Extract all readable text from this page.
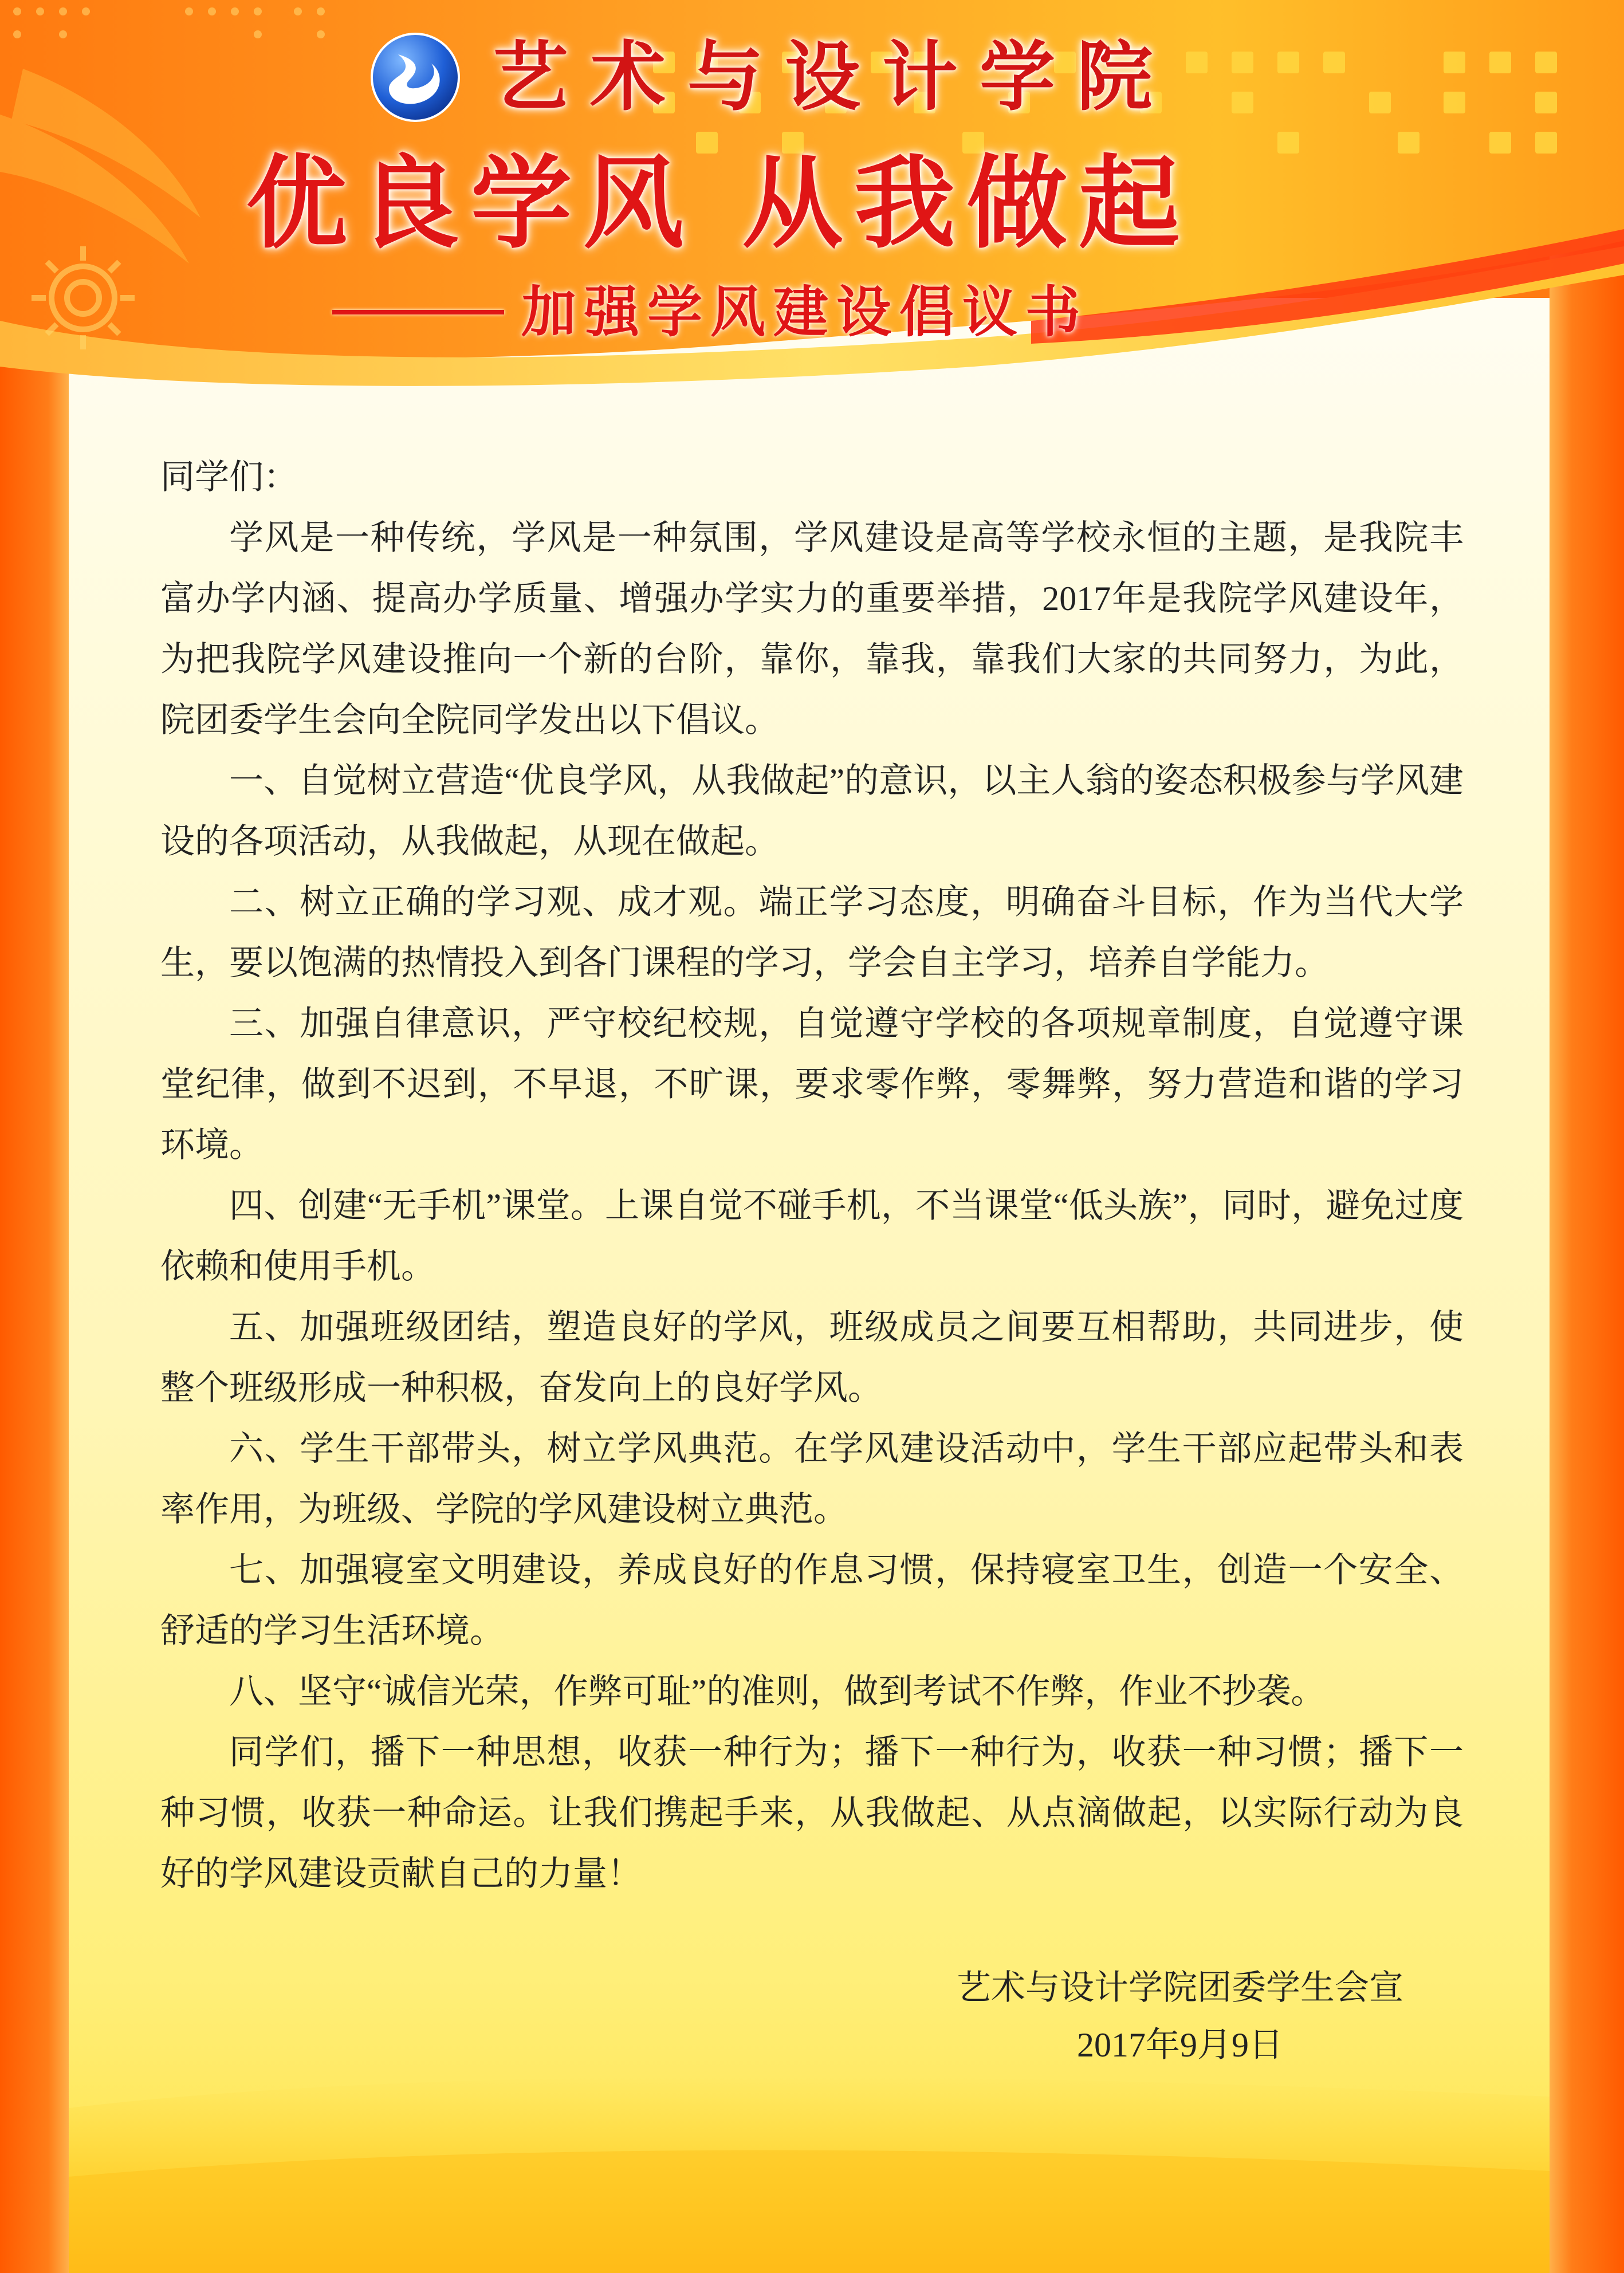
艺术与设计学院
优良学风 从我做起
加强学风建设倡议书

同学们：

学风是一种传统，学风是一种氛围，学风建设是高等学校永恒的主题，是我院丰富办学内涵、提高办学质量、增强办学实力的重要举措，2017年是我院学风建设年，为把我院学风建设推向一个新的台阶，靠你，靠我，靠我们大家的共同努力，为此，院团委学生会向全院同学发出以下倡议。

一、自觉树立营造“优良学风，从我做起”的意识，以主人翁的姿态积极参与学风建设的各项活动，从我做起，从现在做起。

二、树立正确的学习观、成才观。端正学习态度，明确奋斗目标，作为当代大学生，要以饱满的热情投入到各门课程的学习，学会自主学习，培养自学能力。

三、加强自律意识，严守校纪校规，自觉遵守学校的各项规章制度，自觉遵守课堂纪律，做到不迟到，不早退，不旷课，要求零作弊，零舞弊，努力营造和谐的学习环境。

四、创建“无手机”课堂。上课自觉不碰手机，不当课堂“低头族”，同时，避免过度依赖和使用手机。

五、加强班级团结，塑造良好的学风，班级成员之间要互相帮助，共同进步，使整个班级形成一种积极，奋发向上的良好学风。

六、学生干部带头，树立学风典范。在学风建设活动中，学生干部应起带头和表率作用，为班级、学院的学风建设树立典范。

七、加强寝室文明建设，养成良好的作息习惯，保持寝室卫生，创造一个安全、舒适的学习生活环境。

八、坚守“诚信光荣，作弊可耻”的准则，做到考试不作弊，作业不抄袭。

同学们，播下一种思想，收获一种行为；播下一种行为，收获一种习惯；播下一种习惯，收获一种命运。让我们携起手来，从我做起、从点滴做起，以实际行动为良好的学风建设贡献自己的力量！

艺术与设计学院团委学生会宣

2017年9月9日
